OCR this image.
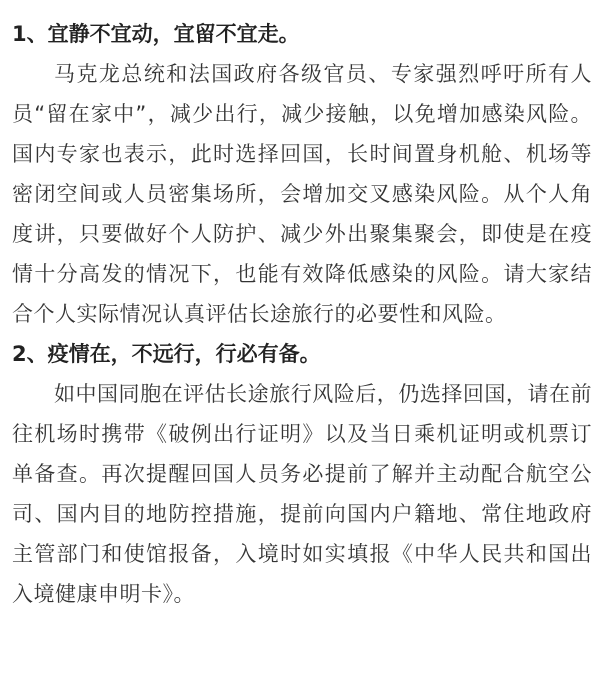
1、宜静不宜动，宜留不宜走。

马克龙总统和法国政府各级官员、专家强烈呼吁所有人员“留在家中”，减少出行，减少接触，以免增加感染风险。国内专家也表示，此时选择回国，长时间置身机舱、机场等密闭空间或人员密集场所，会增加交叉感染风险。从个人角度讲，只要做好个人防护、减少外出聚集聚会，即使是在疫情十分高发的情况下，也能有效降低感染的风险。请大家结合个人实际情况认真评估长途旅行的必要性和风险。

2、疫情在，不远行，行必有备。

如中国同胞在评估长途旅行风险后，仍选择回国，请在前往机场时携带《破例出行证明》以及当日乘机证明或机票订单备查。再次提醒回国人员务必提前了解并主动配合航空公司、国内目的地防控措施，提前向国内户籍地、常住地政府主管部门和使馆报备，入境时如实填报《中华人民共和国出入境健康申明卡》。
